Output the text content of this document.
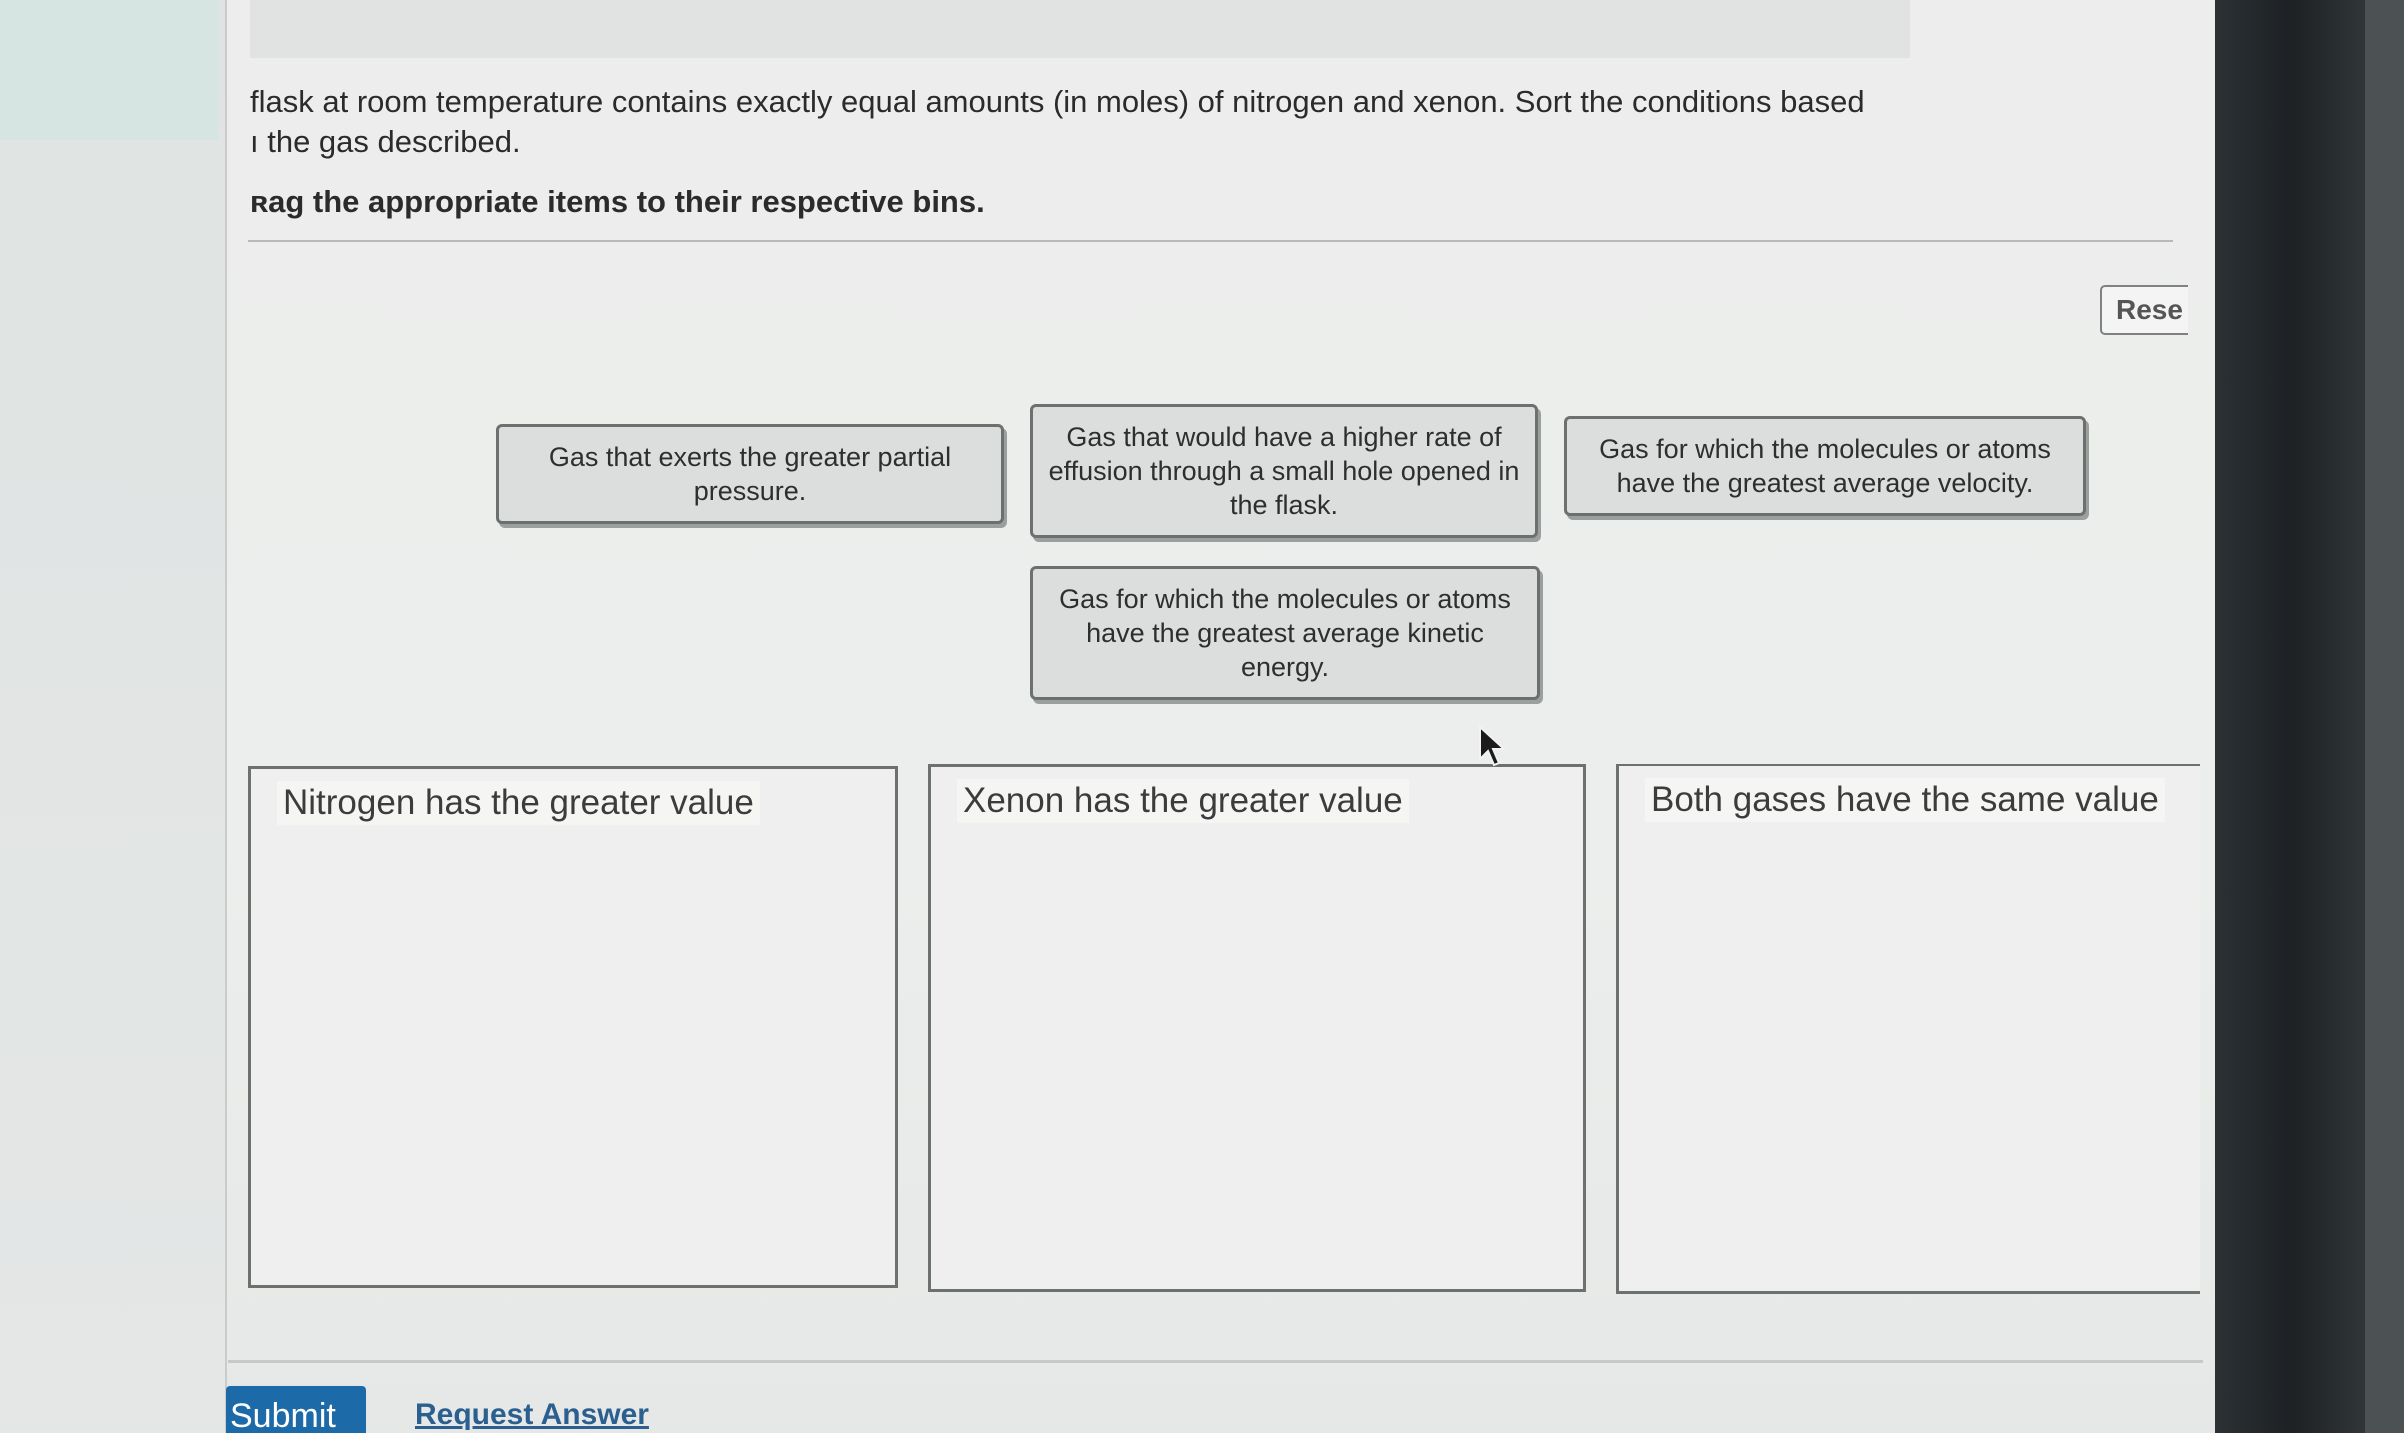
flask at room temperature contains exactly equal amounts (in moles) of nitrogen and xenon. Sort the conditions based

ı the gas described.

ʀag the appropriate items to their respective bins.

Rese
Gas that exerts the greater partial pressure.
Gas that would have a higher rate of effusion through a small hole opened in the flask.
Gas for which the molecules or atoms have the greatest average velocity.
Gas for which the molecules or atoms have the greatest average kinetic energy.
Nitrogen has the greater value	Xenon has the greater value	Both gases have the same value
Submit	Request Answer
